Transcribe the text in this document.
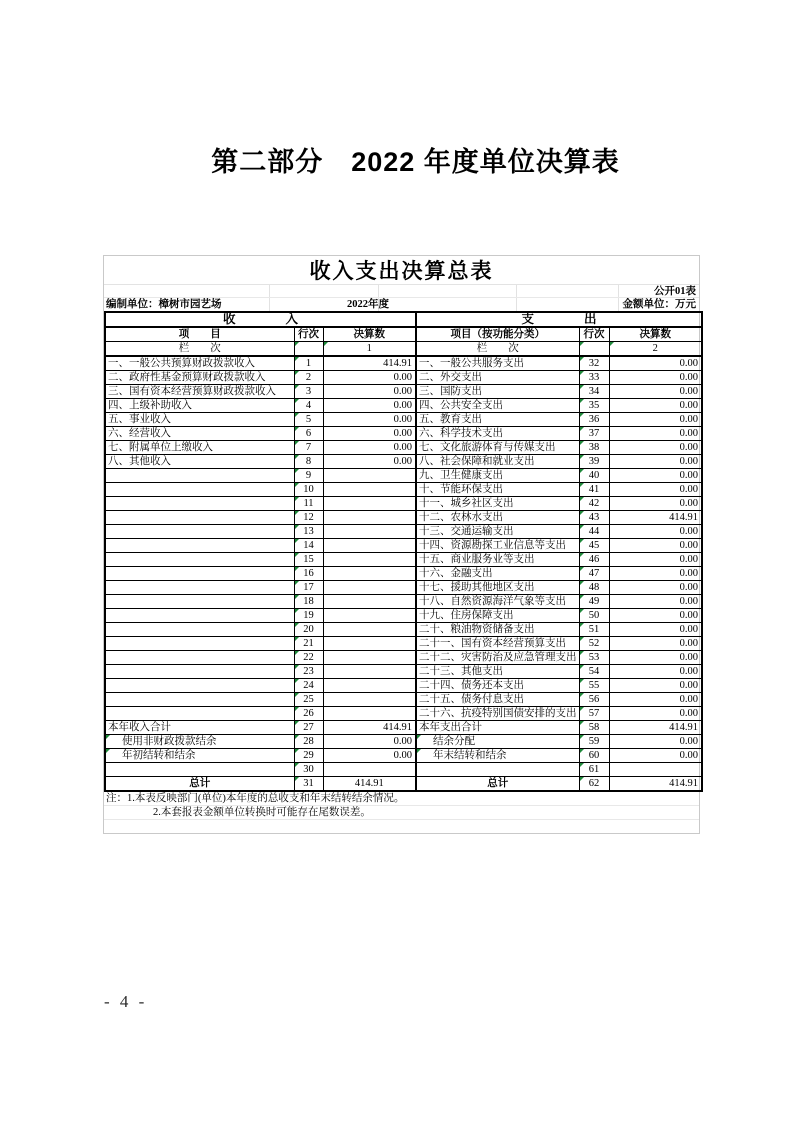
第二部分　2022 年度单位决算表
收入支出决算总表
公开01表
编制单位：樟树市园艺场	2022年度	金额单位：万元
收　　　　入			支　　　　出		
项　　目	行次	决算数	项目（按功能分类）	行次	决算数
栏　　次		1	栏　　次		2
一、一般公共预算财政拨款收入	1	414.91	一、一般公共服务支出	32	0.00
二、政府性基金预算财政拨款收入	2	0.00	二、外交支出	33	0.00
三、国有资本经营预算财政拨款收入	3	0.00	三、国防支出	34	0.00
四、上级补助收入	4	0.00	四、公共安全支出	35	0.00
五、事业收入	5	0.00	五、教育支出	36	0.00
六、经营收入	6	0.00	六、科学技术支出	37	0.00
七、附属单位上缴收入	7	0.00	七、文化旅游体育与传媒支出	38	0.00
八、其他收入	8	0.00	八、社会保障和就业支出	39	0.00
	9		九、卫生健康支出	40	0.00
	10		十、节能环保支出	41	0.00
	11		十一、城乡社区支出	42	0.00
	12		十二、农林水支出	43	414.91
	13		十三、交通运输支出	44	0.00
	14		十四、资源勘探工业信息等支出	45	0.00
	15		十五、商业服务业等支出	46	0.00
	16		十六、金融支出	47	0.00
	17		十七、援助其他地区支出	48	0.00
	18		十八、自然资源海洋气象等支出	49	0.00
	19		十九、住房保障支出	50	0.00
	20		二十、粮油物资储备支出	51	0.00
	21		二十一、国有资本经营预算支出	52	0.00
	22		二十二、灾害防治及应急管理支出	53	0.00
	23		二十三、其他支出	54	0.00
	24		二十四、债务还本支出	55	0.00
	25		二十五、债务付息支出	56	0.00
	26		二十六、抗疫特别国债安排的支出	57	0.00
本年收入合计	27	414.91	本年支出合计	58	414.91
使用非财政拨款结余	28	0.00	结余分配	59	0.00
年初结转和结余	29	0.00	年末结转和结余	60	0.00
	30			61	
总计	31	414.91	总计	62	414.91
注：1.本表反映部门(单位)本年度的总收支和年末结转结余情况。
2.本套报表金额单位转换时可能存在尾数误差。
- 4 -
